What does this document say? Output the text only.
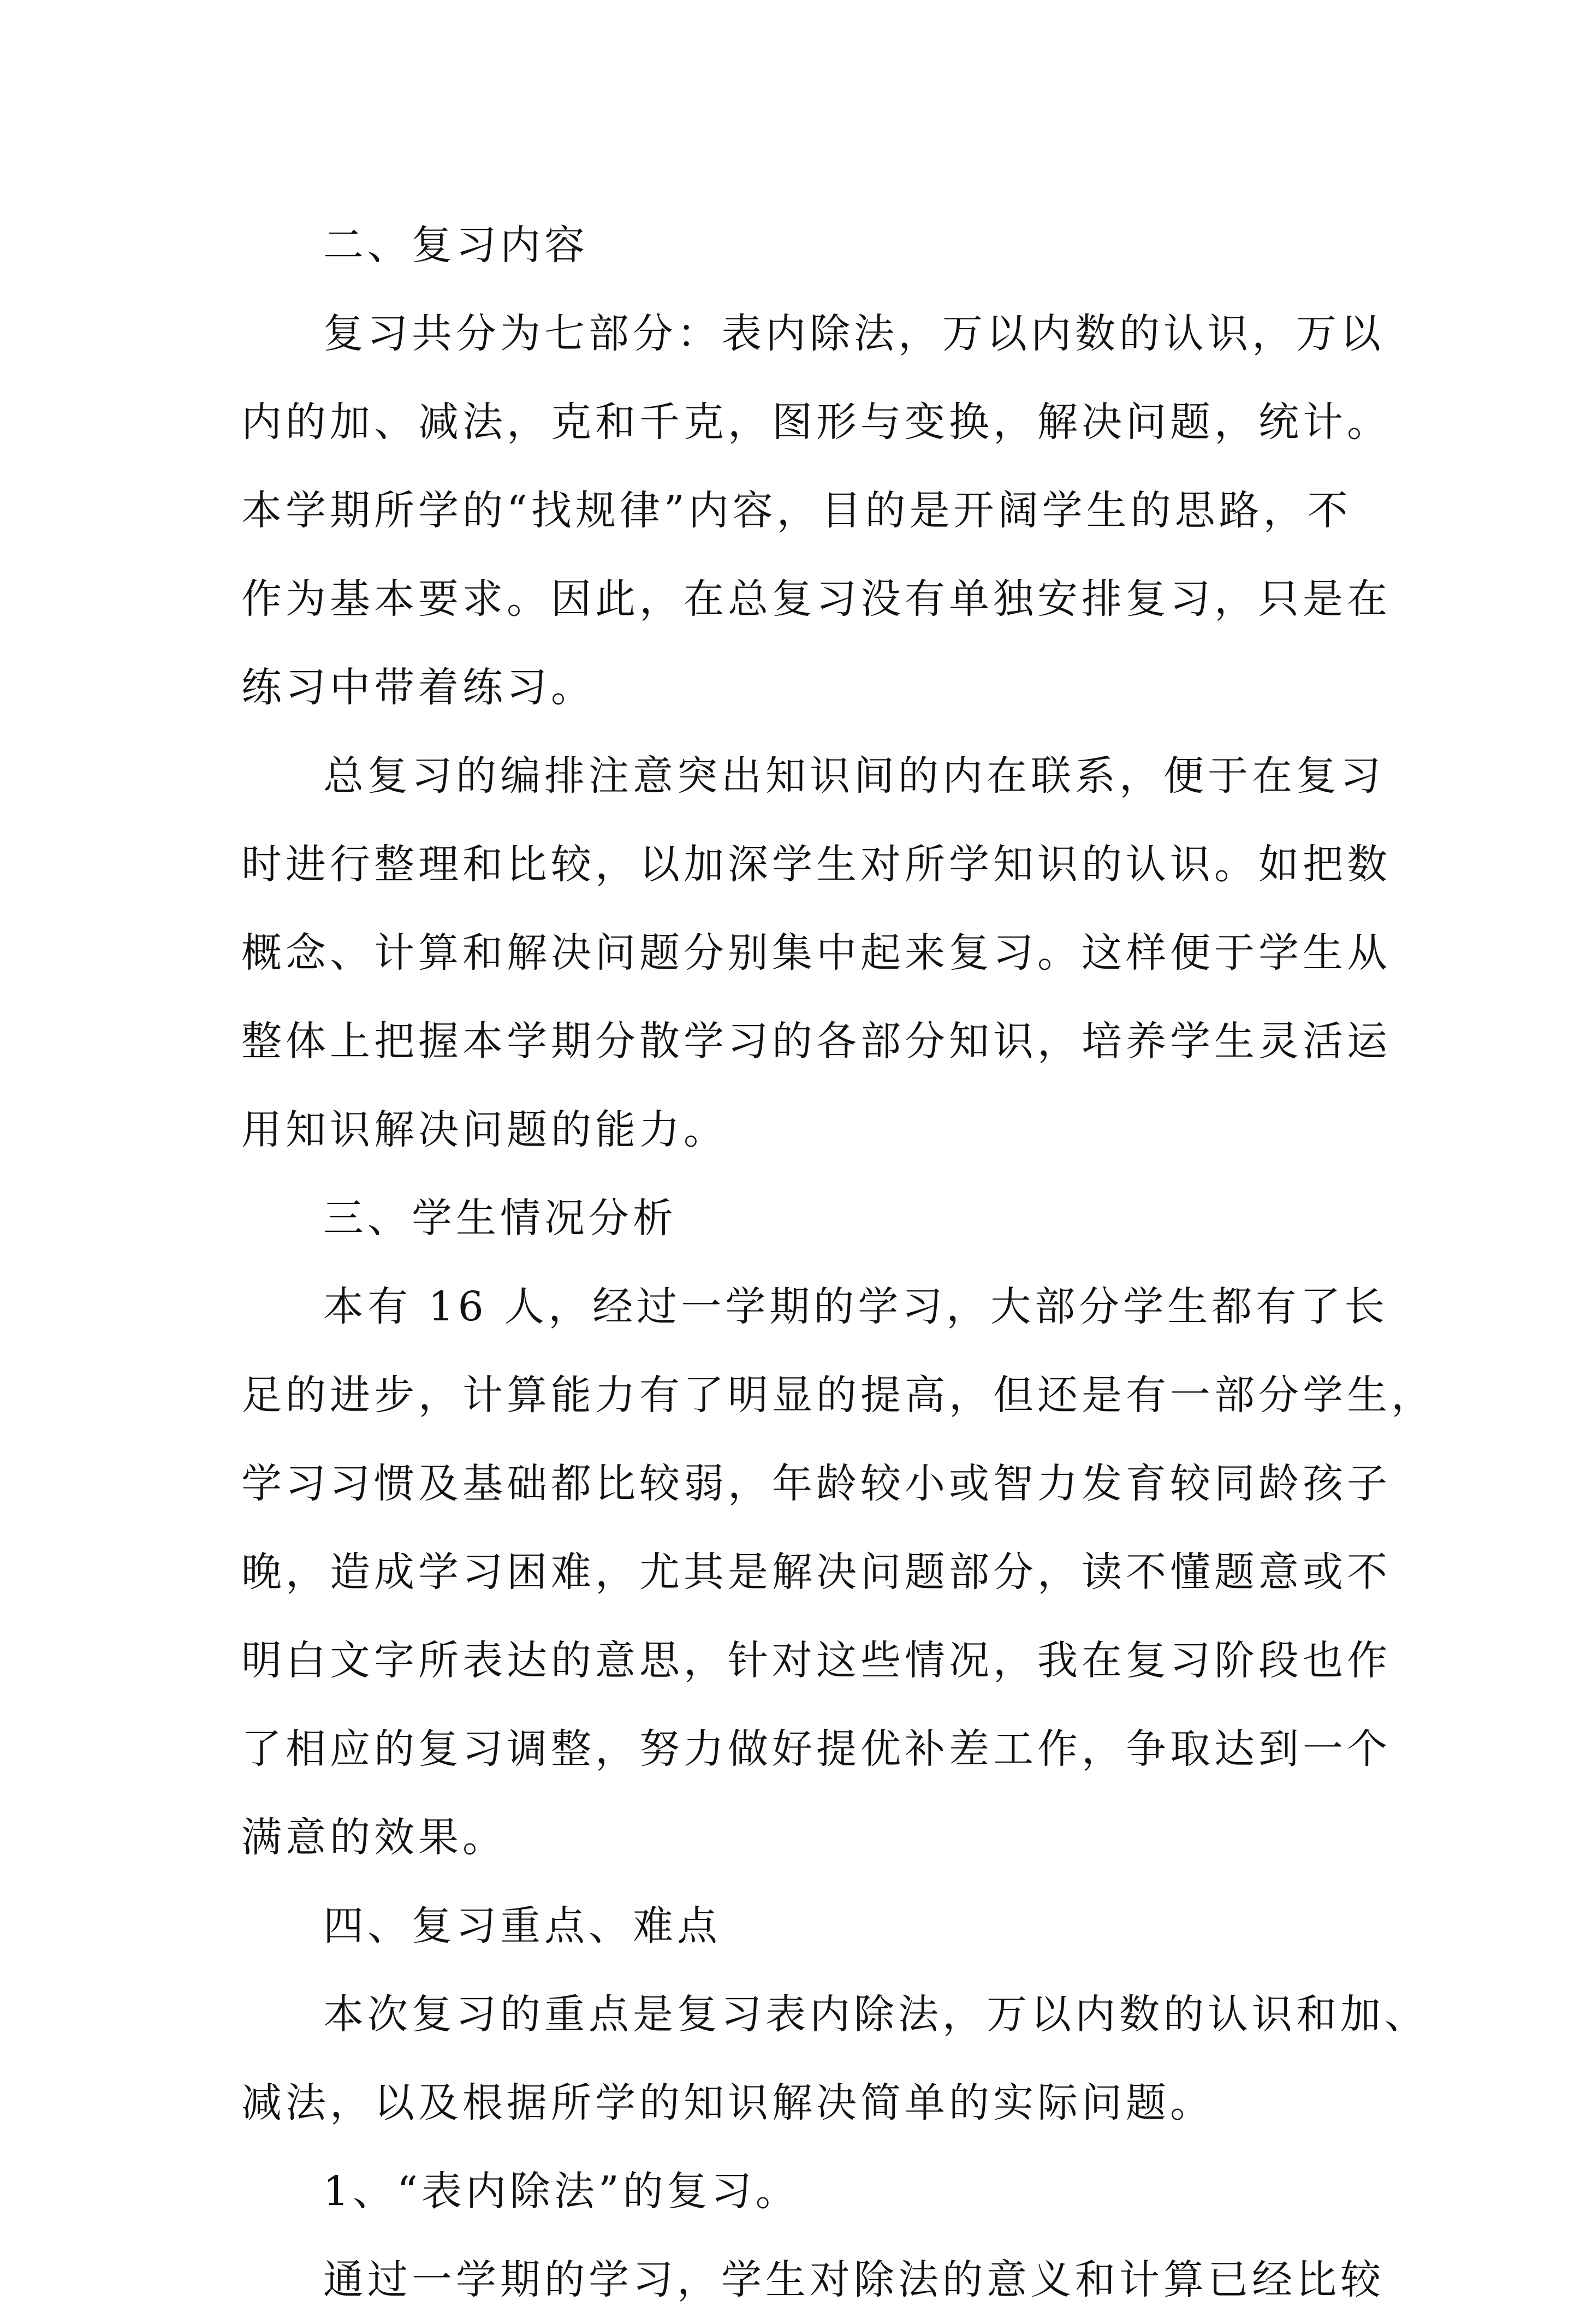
二、复习内容
复习共分为七部分：表内除法，万以内数的认识，万以
内的加、减法，克和千克，图形与变换，解决问题，统计。
本学期所学的“找规律”内容，目的是开阔学生的思路，不
作为基本要求。因此，在总复习没有单独安排复习，只是在
练习中带着练习。
总复习的编排注意突出知识间的内在联系，便于在复习
时进行整理和比较，以加深学生对所学知识的认识。如把数
概念、计算和解决问题分别集中起来复习。这样便于学生从
整体上把握本学期分散学习的各部分知识，培养学生灵活运
用知识解决问题的能力。
三、学生情况分析
本有 16 人，经过一学期的学习，大部分学生都有了长
足的进步，计算能力有了明显的提高，但还是有一部分学生，
学习习惯及基础都比较弱，年龄较小或智力发育较同龄孩子
晚，造成学习困难，尤其是解决问题部分，读不懂题意或不
明白文字所表达的意思，针对这些情况，我在复习阶段也作
了相应的复习调整，努力做好提优补差工作，争取达到一个
满意的效果。
四、复习重点、难点
本次复习的重点是复习表内除法，万以内数的认识和加、
减法，以及根据所学的知识解决简单的实际问题。
1、“表内除法”的复习。
通过一学期的学习，学生对除法的意义和计算已经比较
